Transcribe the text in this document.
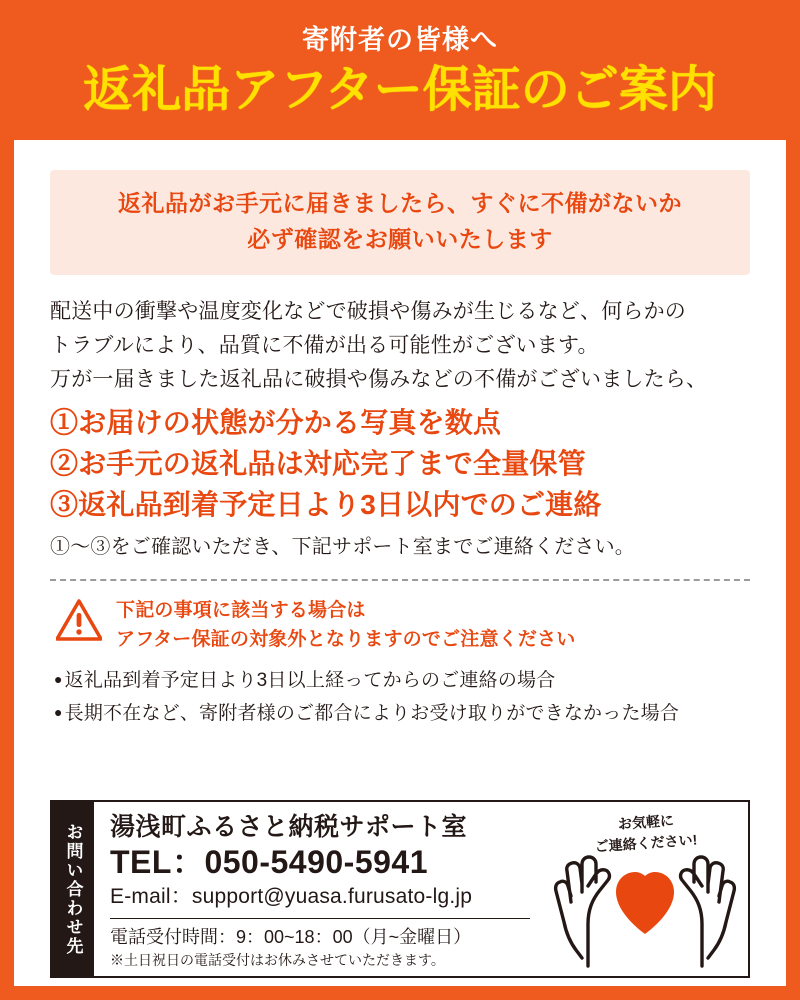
寄附者の皆様へ
返礼品アフター保証のご案内
返礼品がお手元に届きましたら、すぐに不備がないか
必ず確認をお願いいたします
配送中の衝撃や温度変化などで破損や傷みが生じるなど、何らかの
トラブルにより、品質に不備が出る可能性がございます。
万が一届きました返礼品に破損や傷みなどの不備がございましたら、
①お届けの状態が分かる写真を数点
②お手元の返礼品は対応完了まで全量保管
③返礼品到着予定日より3日以内でのご連絡
①〜③をご確認いただき、下記サポート室までご連絡ください。
下記の事項に該当する場合は
アフター保証の対象外となりますのでご注意ください
● 返礼品到着予定日より3日以上経ってからのご連絡の場合
● 長期不在など、寄附者様のご都合によりお受け取りができなかった場合
お問い合わせ先	湯浅町ふるさと納税サポート室
TEL：050-5490-5941
E-mail：support@yuasa.furusato-lg.jp
電話受付時間：9：00~18：00（月~金曜日）
※土日祝日の電話受付はお休みさせていただきます。
お気軽に
ご連絡ください!
